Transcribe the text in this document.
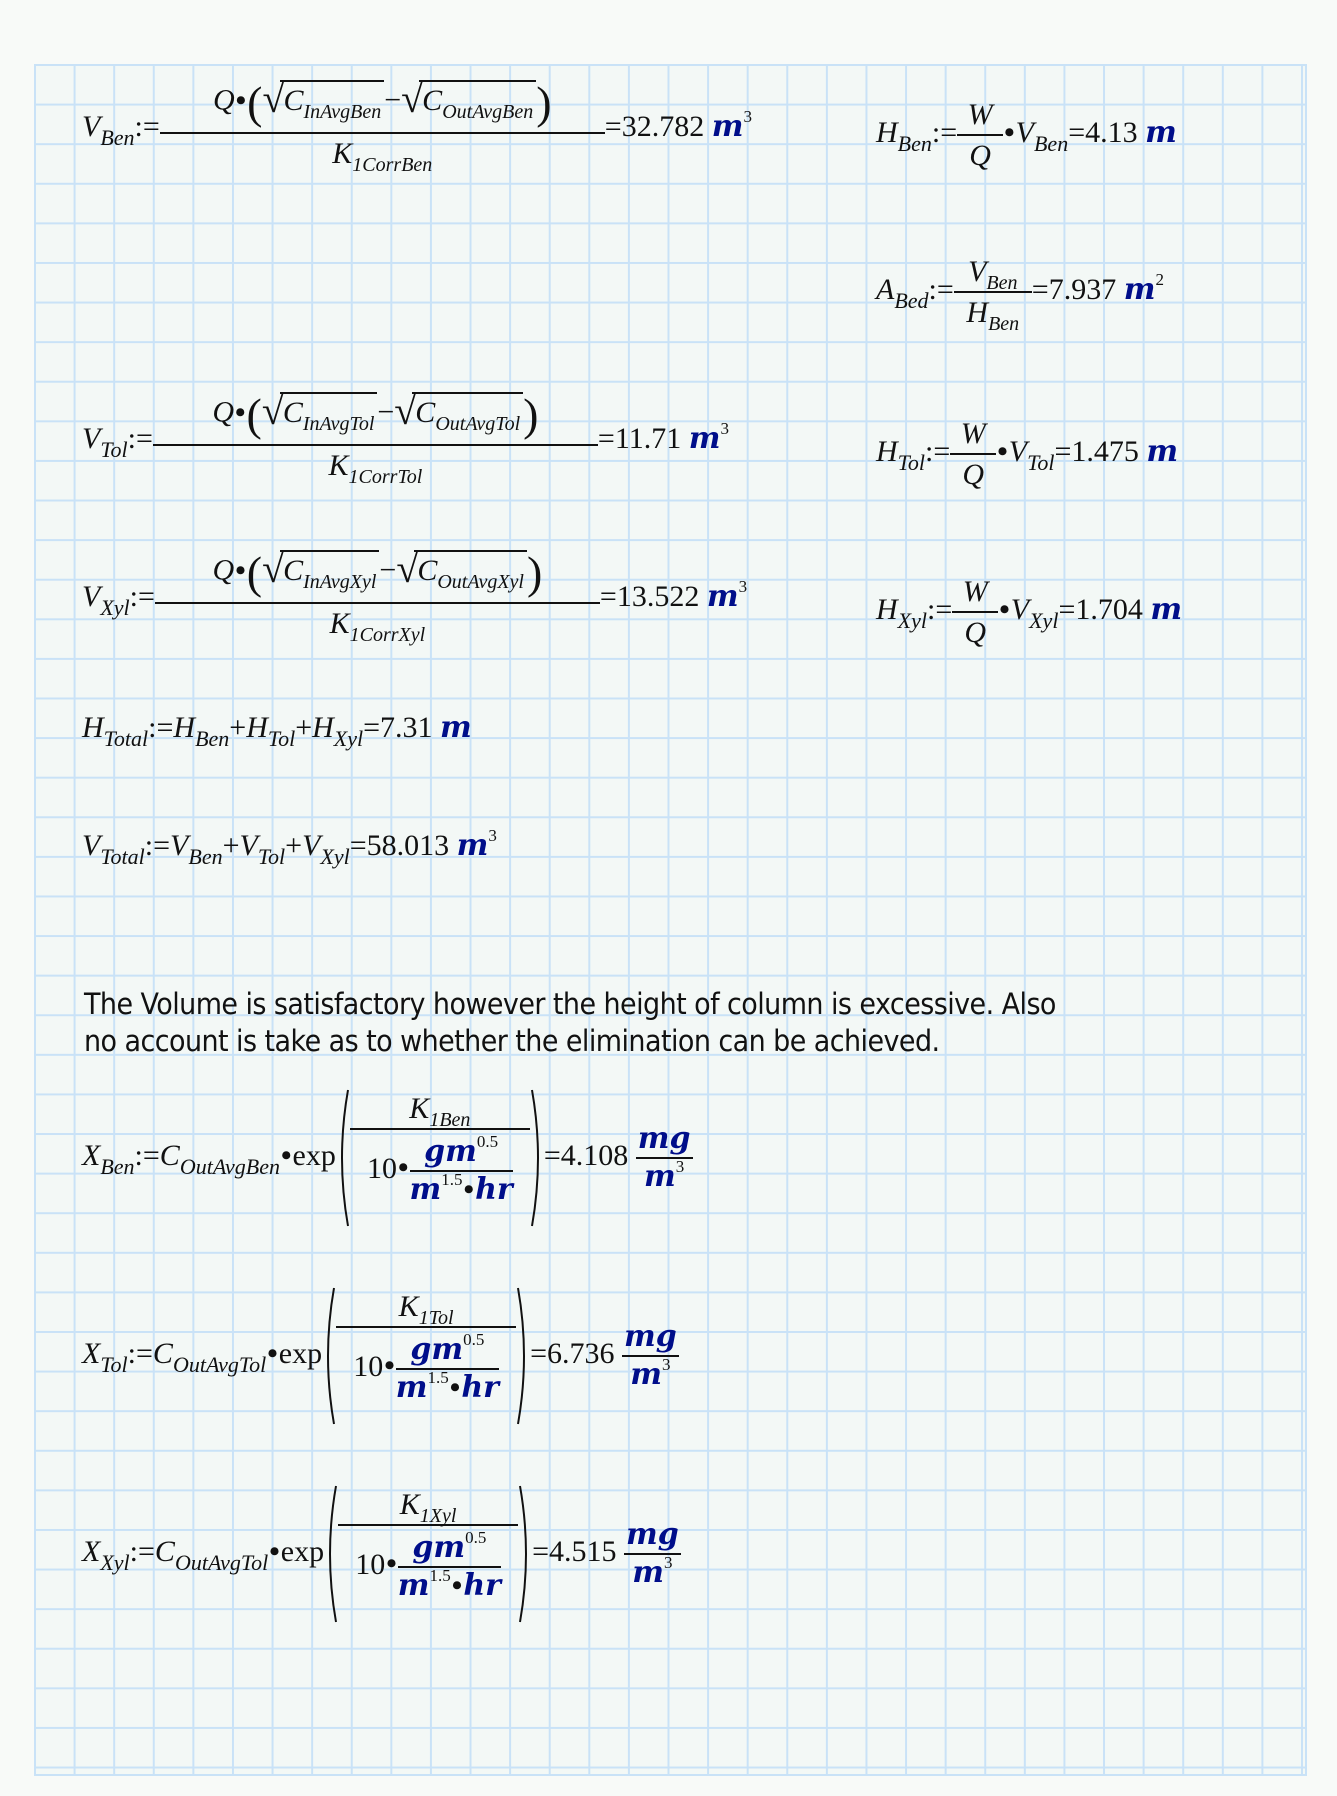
$V_{Ben}:= \frac{Q•( √ C_{InAvgBen} - √ C_{OutAvgBen})}{K_{1CorrBen}} =32.782$ $m^3$
$V_{Tol}:= \frac{Q•( √ C_{InAvgTol} - √ C_{OutAvgTol})}{K_{1CorrTol}} =11.71$ $m^3$
$V_{Xyl}:= \frac{Q•( √ C_{InAvgXyl} - √ C_{OutAvgXyl})}{K_{1CorrXyl}} =13.522$ $m^3$
$H_{Ben}:= \frac{W}{Q}$ $•V_{Ben}=4.13$ m
$A_{Bed}:= \frac{V_{Ben}}{H_{Ben}} =7.937$ $m^2$
$H_{Tol}:= \frac{W}{Q}$ $•V_{Tol}=1.475$ m
$H_{Xyl}:= \frac{W}{Q}$ $•V_{Xyl}=1.704$ m
$H_{Total}:=H_{Ben}+H_{Tol}+H_{Xyl}=7.31$ m
$V_{Total}:=V_{Ben}+V_{Tol}+V_{Xyl}=58.013$ $m^3$
The Volume is satisfactory however the height of column is excessive. Also no account is take as to whether the elimination can be achieved.
$X_{Ben}:=C_{OutAvgBen}•\exp \frac{K_{1Ben}}{10• \frac{gm^{0.5}}{m^{1.5}•hr}} =4.108 \frac{mg}{m^3}$
$X_{Tol}:=C_{OutAvgTol}•\exp \frac{K_{1Tol}}{10• \frac{gm^{0.5}}{m^{1.5}•hr}} =6.736 \frac{mg}{m^3}$
$X_{Xyl}:=C_{OutAvgTol}•\exp \frac{K_{1Xyl}}{10• \frac{gm^{0.5}}{m^{1.5}•hr}} =4.515 \frac{mg}{m^3}$
